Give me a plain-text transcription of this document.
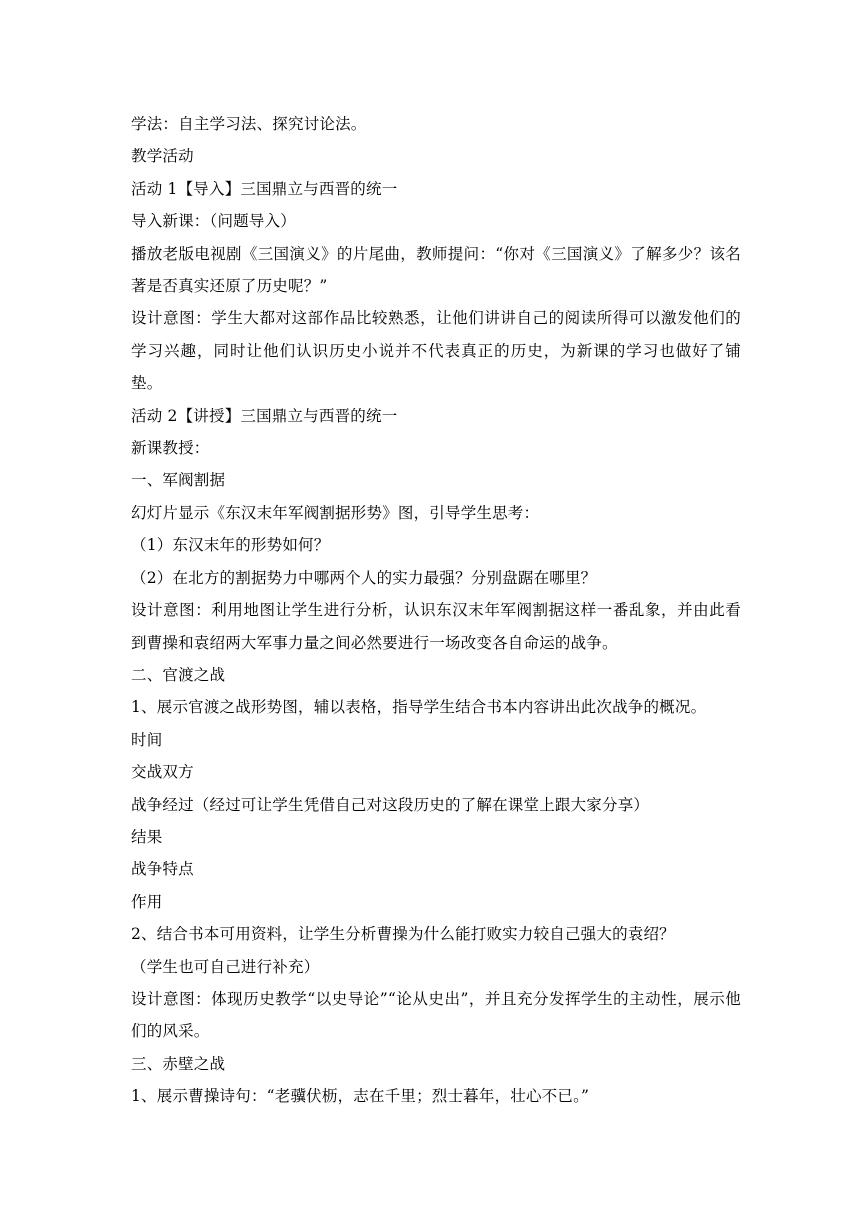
学法：自主学习法、探究讨论法。

教学活动

活动 1【导入】三国鼎立与西晋的统一

导入新课：（问题导入）

播放老版电视剧《三国演义》的片尾曲，教师提问：“你对《三国演义》了解多少？该名著是否真实还原了历史呢？”

设计意图：学生大都对这部作品比较熟悉，让他们讲讲自己的阅读所得可以激发他们的学习兴趣，同时让他们认识历史小说并不代表真正的历史，为新课的学习也做好了铺垫。

活动 2【讲授】三国鼎立与西晋的统一

新课教授：

一、军阀割据

幻灯片显示《东汉末年军阀割据形势》图，引导学生思考：

（1）东汉末年的形势如何？

（2）在北方的割据势力中哪两个人的实力最强？分别盘踞在哪里？

设计意图：利用地图让学生进行分析，认识东汉末年军阀割据这样一番乱象，并由此看到曹操和袁绍两大军事力量之间必然要进行一场改变各自命运的战争。

二、官渡之战

1、展示官渡之战形势图，辅以表格，指导学生结合书本内容讲出此次战争的概况。

时间

交战双方

战争经过（经过可让学生凭借自己对这段历史的了解在课堂上跟大家分享）

结果

战争特点

作用

2、结合书本可用资料，让学生分析曹操为什么能打败实力较自己强大的袁绍？

（学生也可自己进行补充）

设计意图：体现历史教学“以史导论”“论从史出”，并且充分发挥学生的主动性，展示他们的风采。

三、赤壁之战

1、展示曹操诗句：“老骥伏枥，志在千里；烈士暮年，壮心不已。”
